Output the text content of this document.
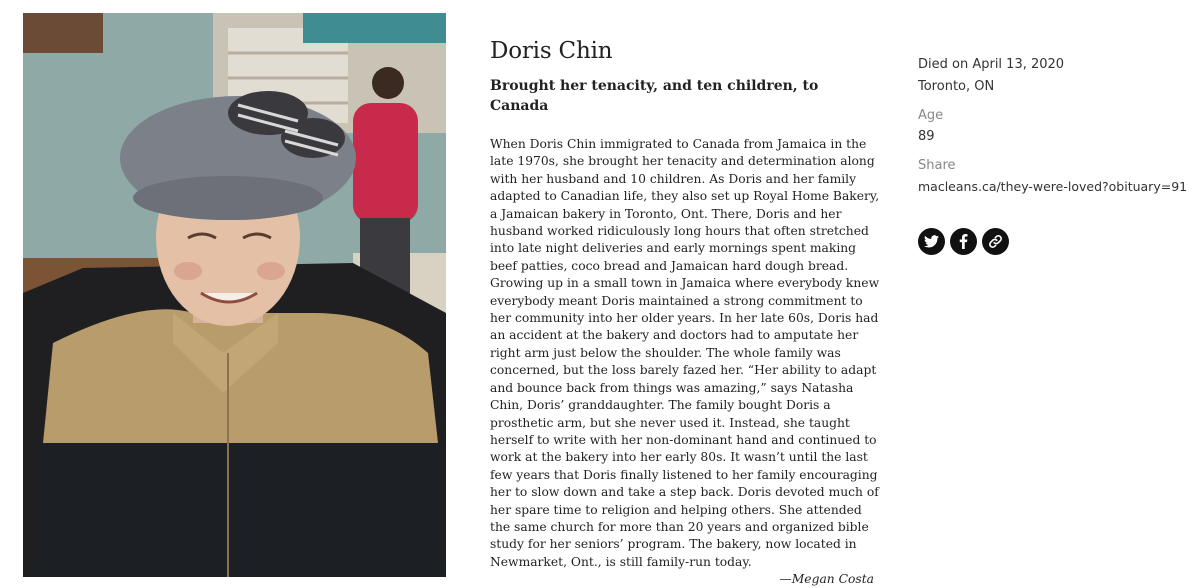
Doris Chin
Brought her tenacity, and ten children, to Canada

When Doris Chin immigrated to Canada from Jamaica in the late 1970s, she brought her tenacity and determination along with her husband and 10 children. As Doris and her family adapted to Canadian life, they also set up Royal Home Bakery, a Jamaican bakery in Toronto, Ont. There, Doris and her husband worked ridiculously long hours that often stretched into late night deliveries and early mornings spent making beef patties, coco bread and Jamaican hard dough bread. Growing up in a small town in Jamaica where everybody knew everybody meant Doris maintained a strong commitment to her community into her older years. In her late 60s, Doris had an accident at the bakery and doctors had to amputate her right arm just below the shoulder. The whole family was concerned, but the loss barely fazed her. “Her ability to adapt and bounce back from things was amazing,” says Natasha Chin, Doris’ granddaughter. The family bought Doris a prosthetic arm, but she never used it. Instead, she taught herself to write with her non-dominant hand and continued to work at the bakery into her early 80s. It wasn’t until the last few years that Doris finally listened to her family encouraging her to slow down and take a step back. Doris devoted much of her spare time to religion and helping others. She attended the same church for more than 20 years and organized bible study for her seniors’ program. The bakery, now located in Newmarket, Ont., is still family-run today.

—Megan Costa

Died on April 13, 2020

Toronto, ON

Age

89

Share

macleans.ca/they-were-loved?obituary=91
